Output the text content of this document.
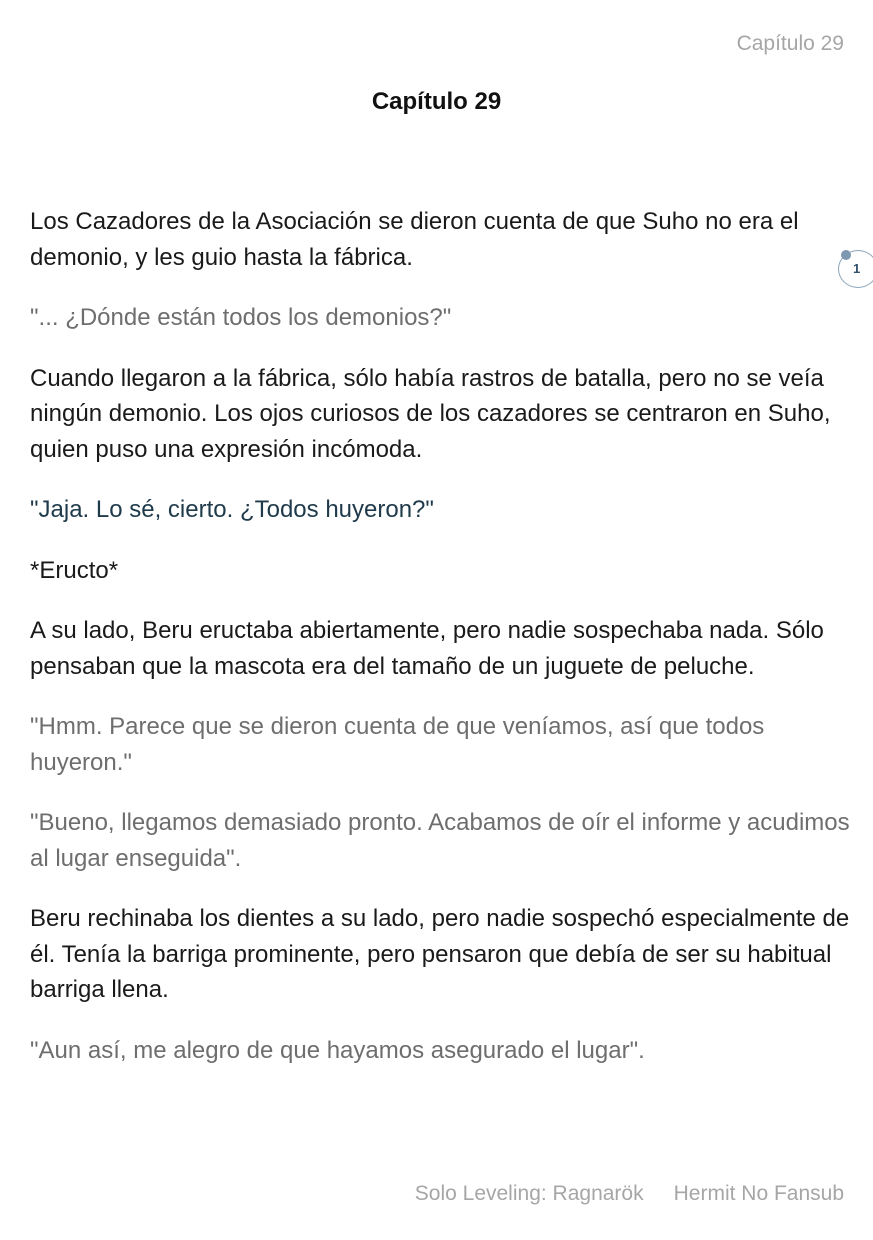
Capítulo 29
Capítulo 29

Los Cazadores de la Asociación se dieron cuenta de que Suho no era el demonio, y les guio hasta la fábrica.

"... ¿Dónde están todos los demonios?"

Cuando llegaron a la fábrica, sólo había rastros de batalla, pero no se veía ningún demonio. Los ojos curiosos de los cazadores se centraron en Suho, quien puso una expresión incómoda.

"Jaja. Lo sé, cierto. ¿Todos huyeron?"

*Eructo*

A su lado, Beru eructaba abiertamente, pero nadie sospechaba nada. Sólo pensaban que la mascota era del tamaño de un juguete de peluche.

"Hmm. Parece que se dieron cuenta de que veníamos, así que todos huyeron."

"Bueno, llegamos demasiado pronto. Acabamos de oír el informe y acudimos al lugar enseguida".

Beru rechinaba los dientes a su lado, pero nadie sospechó especialmente de él. Tenía la barriga prominente, pero pensaron que debía de ser su habitual barriga llena.

"Aun así, me alegro de que hayamos asegurado el lugar".

1
Solo Leveling: Ragnarök Hermit No Fansub
